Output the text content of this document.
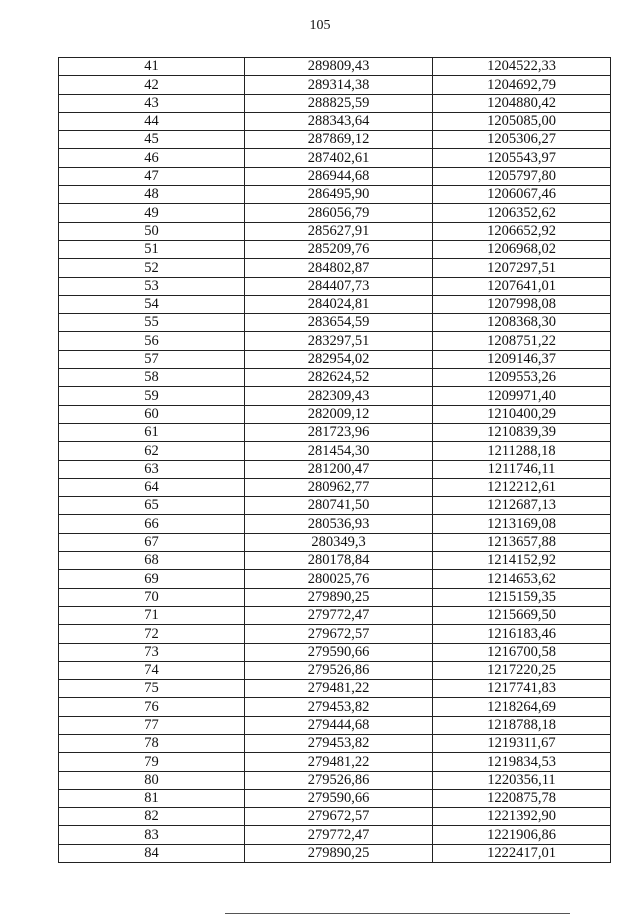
105
41	289809,43	1204522,33
42	289314,38	1204692,79
43	288825,59	1204880,42
44	288343,64	1205085,00
45	287869,12	1205306,27
46	287402,61	1205543,97
47	286944,68	1205797,80
48	286495,90	1206067,46
49	286056,79	1206352,62
50	285627,91	1206652,92
51	285209,76	1206968,02
52	284802,87	1207297,51
53	284407,73	1207641,01
54	284024,81	1207998,08
55	283654,59	1208368,30
56	283297,51	1208751,22
57	282954,02	1209146,37
58	282624,52	1209553,26
59	282309,43	1209971,40
60	282009,12	1210400,29
61	281723,96	1210839,39
62	281454,30	1211288,18
63	281200,47	1211746,11
64	280962,77	1212212,61
65	280741,50	1212687,13
66	280536,93	1213169,08
67	280349,3	1213657,88
68	280178,84	1214152,92
69	280025,76	1214653,62
70	279890,25	1215159,35
71	279772,47	1215669,50
72	279672,57	1216183,46
73	279590,66	1216700,58
74	279526,86	1217220,25
75	279481,22	1217741,83
76	279453,82	1218264,69
77	279444,68	1218788,18
78	279453,82	1219311,67
79	279481,22	1219834,53
80	279526,86	1220356,11
81	279590,66	1220875,78
82	279672,57	1221392,90
83	279772,47	1221906,86
84	279890,25	1222417,01
